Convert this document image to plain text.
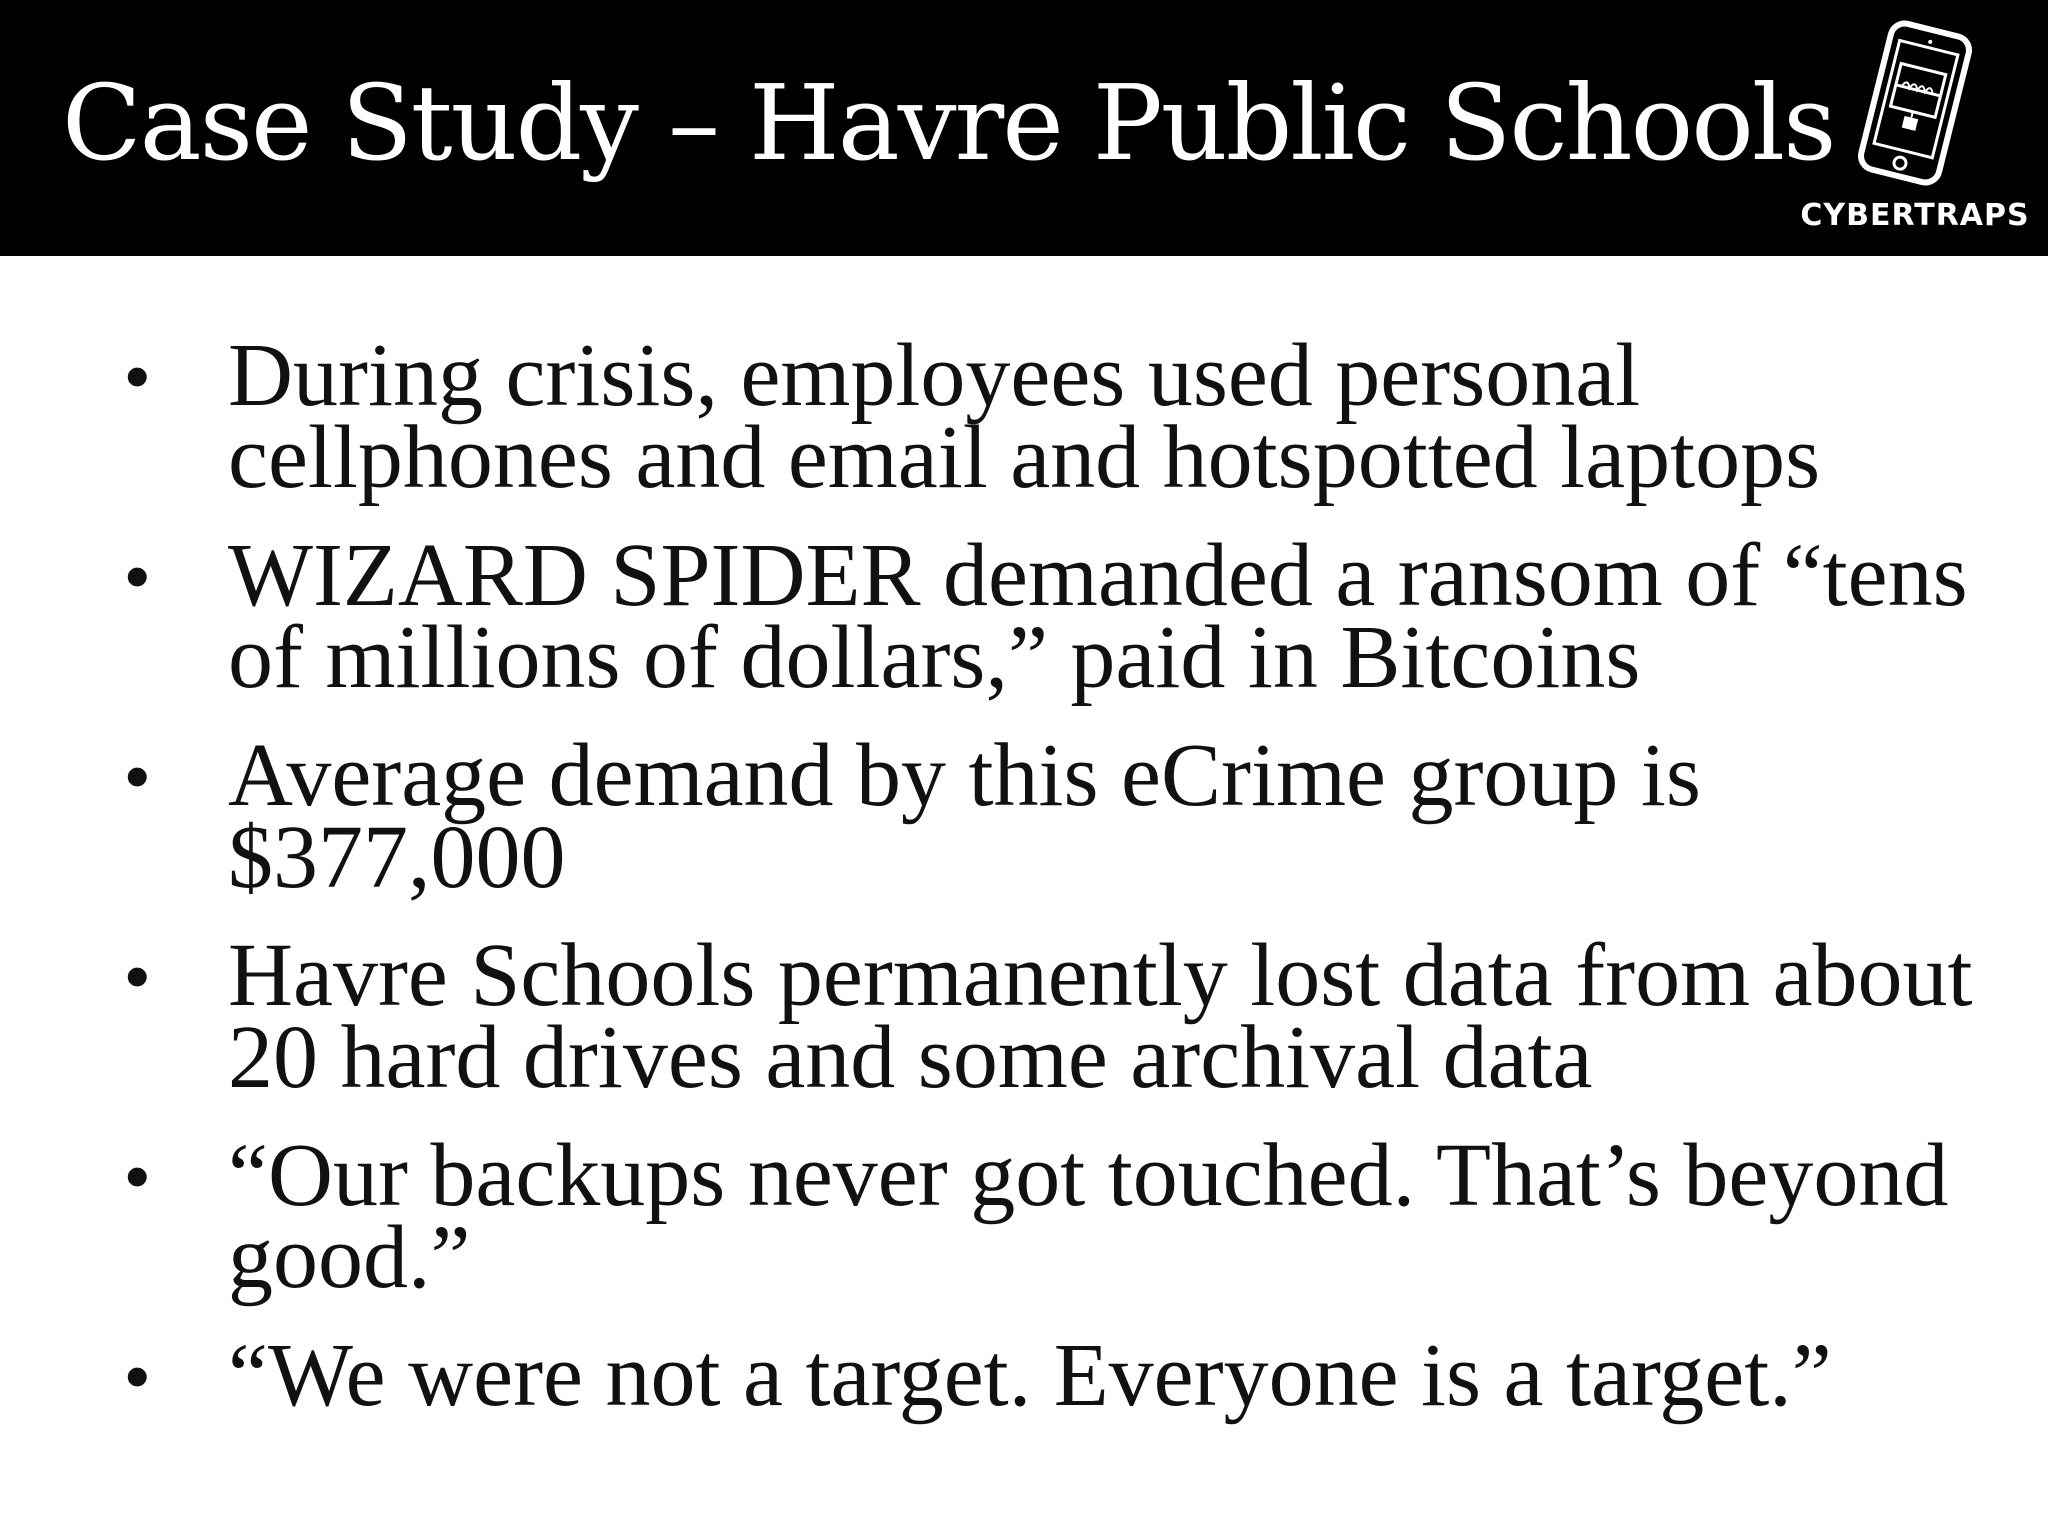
Case Study – Havre Public Schools
CYBERTRAPS
• During crisis, employees used personal cellphones and email and hotspotted laptops
• WIZARD SPIDER demanded a ransom of “tens of millions of dollars,” paid in Bitcoins
• Average demand by this eCrime group is $377,000
• Havre Schools permanently lost data from about 20 hard drives and some archival data
• “Our backups never got touched. That’s beyond good.”
• “We were not a target. Everyone is a target.”
